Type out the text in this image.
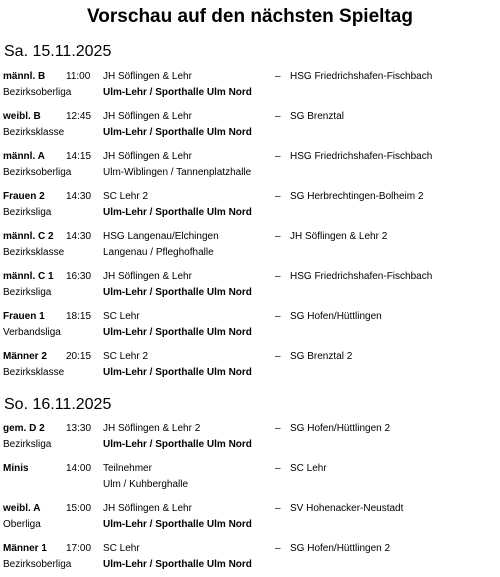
Vorschau auf den nächsten Spieltag
Sa. 15.11.2025
männl. B 11:00 JH Söflingen & Lehr	– HSG Friedrichshafen-Fischbach
Bezirksoberliga	Ulm-Lehr / Sporthalle Ulm Nord
weibl. B	12:45 JH Söflingen & Lehr	– SG Brenztal
Bezirksklasse	Ulm-Lehr / Sporthalle Ulm Nord
männl. A 14:15 JH Söflingen & Lehr	– HSG Friedrichshafen-Fischbach
Bezirksoberliga	Ulm-Wiblingen / Tannenplatzhalle
Frauen 2 14:30 SC Lehr 2	– SG Herbrechtingen-Bolheim 2
Bezirksliga	Ulm-Lehr / Sporthalle Ulm Nord
männl. C 2 14:30 HSG Langenau/Elchingen	– JH Söflingen & Lehr 2
Bezirksklasse	Langenau / Pfleghofhalle
männl. C 1 16:30 JH Söflingen & Lehr	– HSG Friedrichshafen-Fischbach
Bezirksliga	Ulm-Lehr / Sporthalle Ulm Nord
Frauen 1 18:15 SC Lehr	– SG Hofen/Hüttlingen
Verbandsliga	Ulm-Lehr / Sporthalle Ulm Nord
Männer 2 20:15 SC Lehr 2	– SG Brenztal 2
Bezirksklasse	Ulm-Lehr / Sporthalle Ulm Nord
So. 16.11.2025
gem. D 2 13:30 JH Söflingen & Lehr 2	– SG Hofen/Hüttlingen 2
Bezirksliga	Ulm-Lehr / Sporthalle Ulm Nord
Minis	14:00 Teilnehmer	– SC Lehr
Ulm / Kuhberghalle
weibl. A	15:00 JH Söflingen & Lehr	– SV Hohenacker-Neustadt
Oberliga	Ulm-Lehr / Sporthalle Ulm Nord
Männer 1 17:00 SC Lehr	– SG Hofen/Hüttlingen 2
Bezirksoberliga	Ulm-Lehr / Sporthalle Ulm Nord
